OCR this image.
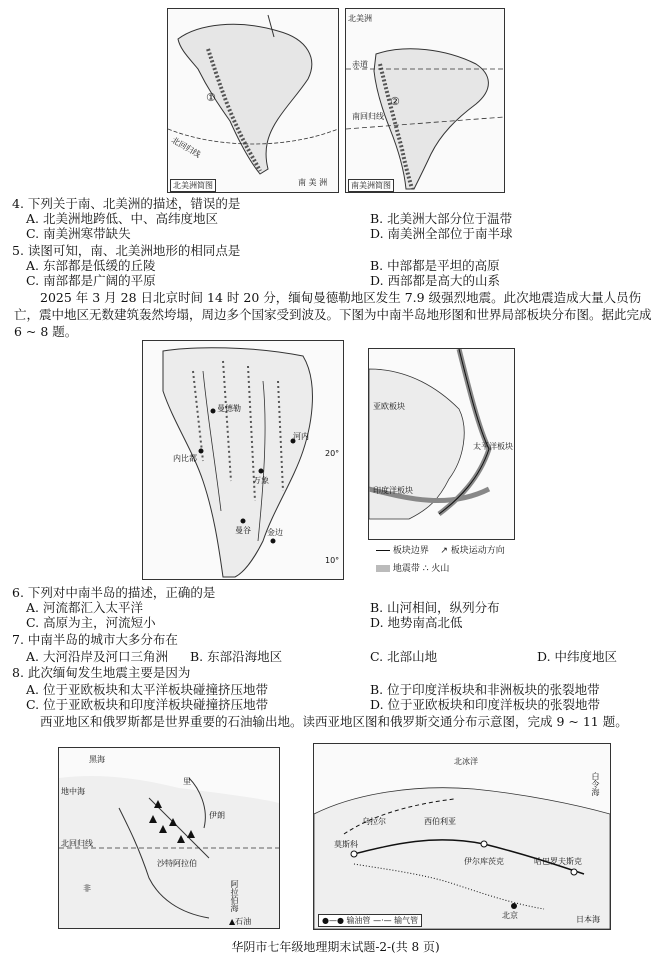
①
北回归线
南 美 洲
北美洲简图
北美洲
赤道
②
南回归线
南美洲简图
4. 下列关于南、北美洲的描述，错误的是
A. 北美洲地跨低、中、高纬度地区	B. 北美洲大部分位于温带
C. 南美洲寒带缺失	D. 南美洲全部位于南半球
5. 读图可知，南、北美洲地形的相同点是
A. 东部都是低缓的丘陵	B. 中部都是平坦的高原
C. 南部都是广阔的平原	D. 西部都是高大的山系
2025 年 3 月 28 日北京时间 14 时 20 分，缅甸曼德勒地区发生 7.9 级强烈地震。此次地震造成大量人员伤亡，震中地区无数建筑轰然垮塌，周边多个国家受到波及。下图为中南半岛地形图和世界局部板块分布图。据此完成 6 ~ 8 题。
曼德勒
内比都
万象
河内
曼谷 金边
20°
10°
亚欧板块
太平洋板块
印度洋板块
板块边界 ↗ 板块运动方向
地震带 ∴ 火山
6. 下列对中南半岛的描述，正确的是
A. 河流都汇入太平洋	B. 山河相间，纵列分布
C. 高原为主，河流短小	D. 地势南高北低
7. 中南半岛的城市大多分布在
A. 大河沿岸及河口三角洲 B. 东部沿海地区	C. 北部山地	D. 中纬度地区
8. 此次缅甸发生地震主要是因为
A. 位于亚欧板块和太平洋板块碰撞挤压地带	B. 位于印度洋板块和非洲板块的张裂地带
C. 位于亚欧板块和印度洋板块碰撞挤压地带	D. 位于亚欧板块和印度洋板块的张裂地带
西亚地区和俄罗斯都是世界重要的石油输出地。读西亚地区图和俄罗斯交通分布示意图，完成 9 ~ 11 题。
黑海
里
地中海
伊朗
北回归线
沙特阿拉伯
非	阿拉伯海
▲石油
北冰洋
白令海
莫斯科
乌拉尔	西伯利亚
伊尔库茨克	哈巴罗夫斯克
北京	日本海
●—● 输油管 —·— 输气管
华阴市七年级地理期末试题-2-(共 8 页)
